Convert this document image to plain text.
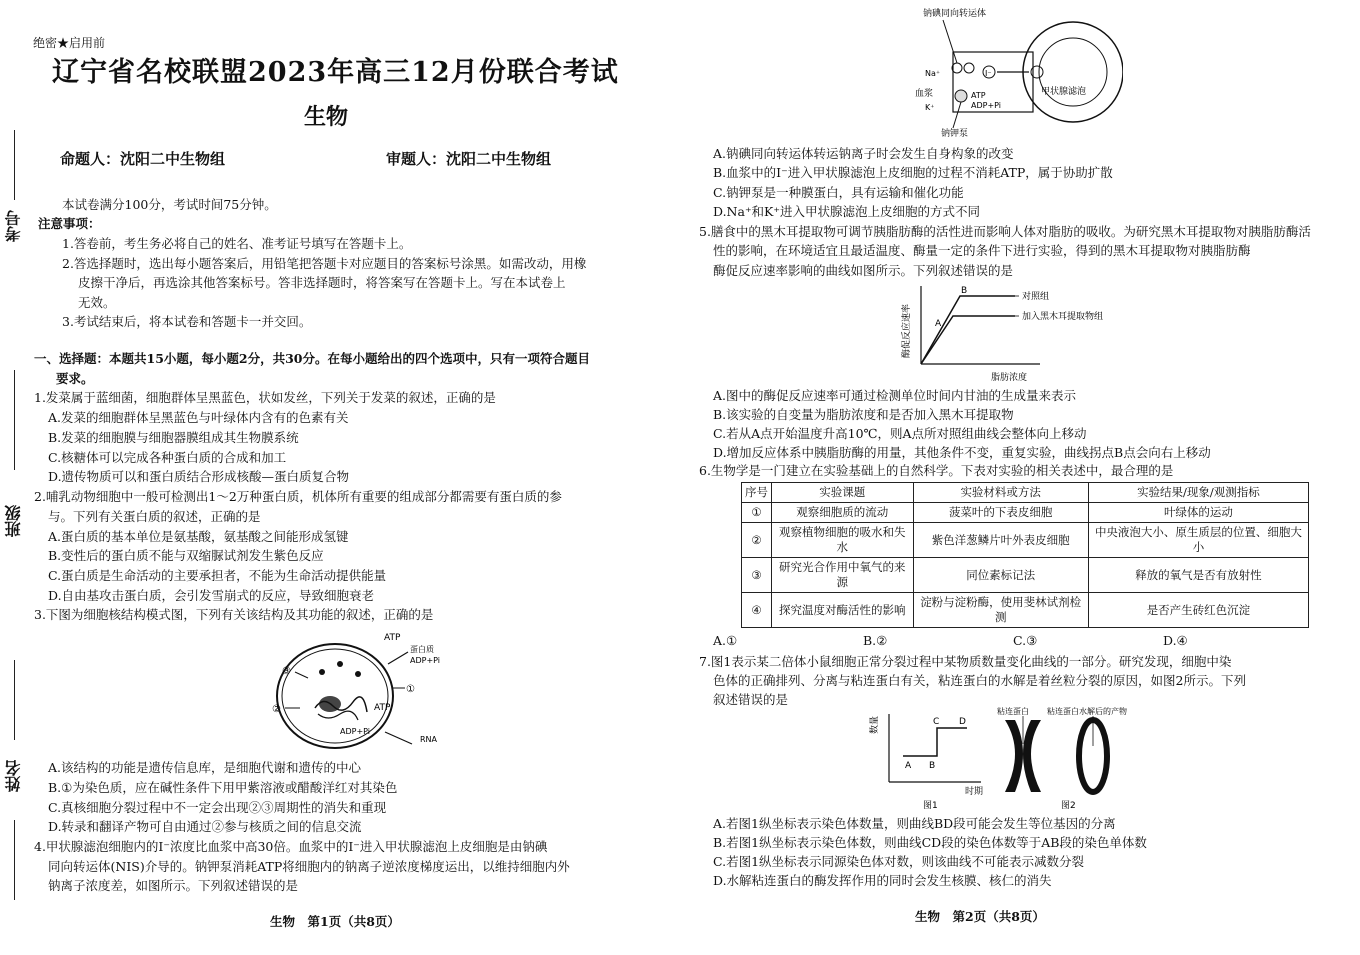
考号
班级
姓名
绝密★启用前
辽宁省名校联盟2023年高三12月份联合考试
生物
命题人：沈阳二中生物组	审题人：沈阳二中生物组
本试卷满分100分，考试时间75分钟。
注意事项：
1.答卷前，考生务必将自己的姓名、准考证号填写在答题卡上。
2.答选择题时，选出每小题答案后，用铅笔把答题卡对应题目的答案标号涂黑。如需改动，用橡
皮擦干净后，再选涂其他答案标号。答非选择题时，将答案写在答题卡上。写在本试卷上
无效。
3.考试结束后，将本试卷和答题卡一并交回。
一、选择题：本题共15小题，每小题2分，共30分。在每小题给出的四个选项中，只有一项符合题目
要求。
1.发菜属于蓝细菌，细胞群体呈黑蓝色，状如发丝，下列关于发菜的叙述，正确的是
A.发菜的细胞群体呈黑蓝色与叶绿体内含有的色素有关
B.发菜的细胞膜与细胞器膜组成其生物膜系统
C.核糖体可以完成各种蛋白质的合成和加工
D.遗传物质可以和蛋白质结合形成核酸—蛋白质复合物
2.哺乳动物细胞中一般可检测出1～2万种蛋白质，机体所有重要的组成部分都需要有蛋白质的参
与。下列有关蛋白质的叙述，正确的是
A.蛋白质的基本单位是氨基酸，氨基酸之间能形成氢键
B.变性后的蛋白质不能与双缩脲试剂发生紫色反应
C.蛋白质是生命活动的主要承担者，不能为生命活动提供能量
D.自由基攻击蛋白质，会引发雪崩式的反应，导致细胞衰老
3.下图为细胞核结构模式图，下列有关该结构及其功能的叙述，正确的是
ATP
蛋白质
ADP+Pi
ATP
ADP+Pi
RNA
①
②
③
A.该结构的功能是遗传信息库，是细胞代谢和遗传的中心
B.①为染色质，应在碱性条件下用甲紫溶液或醋酸洋红对其染色
C.真核细胞分裂过程中不一定会出现②③周期性的消失和重现
D.转录和翻译产物可自由通过②参与核质之间的信息交流
4.甲状腺滤泡细胞内的I⁻浓度比血浆中高30倍。血浆中的I⁻进入甲状腺滤泡上皮细胞是由钠碘
同向转运体(NIS)介导的。钠钾泵消耗ATP将细胞内的钠离子逆浓度梯度运出，以维持细胞内外
钠离子浓度差，如图所示。下列叙述错误的是
生物　第1页（共8页）
钠碘同向转运体
血浆
Na⁺
K⁺
I⁻
ATP
ADP+Pi
钠钾泵
甲状腺滤泡
A.钠碘同向转运体转运钠离子时会发生自身构象的改变
B.血浆中的I⁻进入甲状腺滤泡上皮细胞的过程不消耗ATP，属于协助扩散
C.钠钾泵是一种膜蛋白，具有运输和催化功能
D.Na⁺和K⁺进入甲状腺滤泡上皮细胞的方式不同
5.膳食中的黑木耳提取物可调节胰脂肪酶的活性进而影响人体对脂肪的吸收。为研究黑木耳提取物对胰脂肪酶活
性的影响，在环境适宜且最适温度、酶量一定的条件下进行实验，得到的黑木耳提取物对胰脂肪酶
酶促反应速率影响的曲线如图所示。下列叙述错误的是
B
A
对照组
加入黑木耳提取物组
脂肪浓度
酶促反应速率
A.图中的酶促反应速率可通过检测单位时间内甘油的生成量来表示
B.该实验的自变量为脂肪浓度和是否加入黑木耳提取物
C.若从A点开始温度升高10℃，则A点所对照组曲线会整体向上移动
D.增加反应体系中胰脂肪酶的用量，其他条件不变，重复实验，曲线拐点B点会向右上移动
6.生物学是一门建立在实验基础上的自然科学。下表对实验的相关表述中，最合理的是
序号	实验课题	实验材料或方法	实验结果/现象/观测指标
①	观察细胞质的流动	菠菜叶的下表皮细胞	叶绿体的运动
②	观察植物细胞的吸水和失水	紫色洋葱鳞片叶外表皮细胞	中央液泡大小、原生质层的位置、细胞大小
③	研究光合作用中氧气的来源	同位素标记法	释放的氧气是否有放射性
④	探究温度对酶活性的影响	淀粉与淀粉酶，使用斐林试剂检测	是否产生砖红色沉淀
A.①	B.②	C.③	D.④
7.图1表示某二倍体小鼠细胞正常分裂过程中某物质数量变化曲线的一部分。研究发现，细胞中染
色体的正确排列、分离与粘连蛋白有关，粘连蛋白的水解是着丝粒分裂的原因，如图2所示。下列
叙述错误的是
A B
C D
时期
数量
图1
粘连蛋白 粘连蛋白水解后的产物
图2
A.若图1纵坐标表示染色体数量，则曲线BD段可能会发生等位基因的分离
B.若图1纵坐标表示染色体数，则曲线CD段的染色体数等于AB段的染色单体数
C.若图1纵坐标表示同源染色体对数，则该曲线不可能表示减数分裂
D.水解粘连蛋白的酶发挥作用的同时会发生核膜、核仁的消失
生物　第2页（共8页）
